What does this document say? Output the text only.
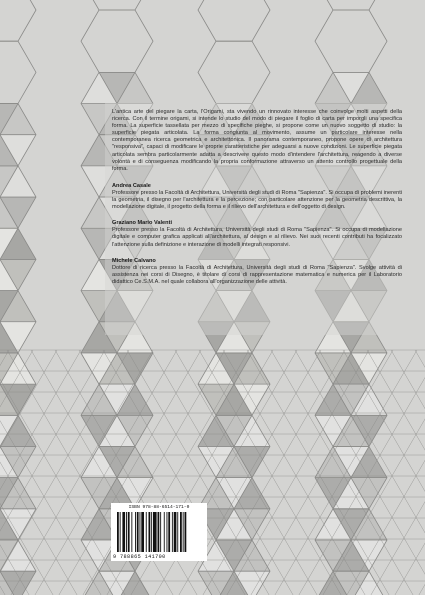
L'antica arte del piegare la carta, l'Origami, sta vivendo un rinnovato interesse che coinvolge molti aspetti della ricerca. Con il termine origami, si intende lo studio del modo di piegare il foglio di carta per imporgli una specifica forma. La superficie tassellata per mezzo di specifiche pieghe, si propone come un nuovo soggetto di studio: la superficie piegata articolata. La forma congiunta al movimento, assume un particolare interesse nella contemporanea ricerca geometrica e architettonica. Il panorama contemporaneo, propone opere di architettura "responsiva", capaci di modificare le proprie caratteristiche per adeguarsi a nuove condizioni. Le superficie piegata articolata sembra particolarmente adatta a descrivere questo modo d'intendere l'architettura, reagendo a diverse volontà e di conseguenza modificando la propria conformazione attraverso un attento controllo progettuale della forma.

Andrea Casale

Professore presso la Facoltà di Architettura, Università degli studi di Roma "Sapienza". Si occupa di problemi inerenti la geometria, il disegno per l'architettura e la percezione; con particolare attenzione per la geometria descrittiva, la modellazione digitale, il progetto della forma e il rilievo dell'architettura e dell'oggetto di design.

Graziano Mario Valenti

Professore presso la Facoltà di Architettura, Università degli studi di Roma "Sapienza". Si occupa di modellazione digitale e computer grafica applicati all'architettura, al design e al rilievo. Nei suoi recenti contributi ha focalizzato l'attenzione sulla definizione e interazione di modelli integrati responsivi.

Michele Calvano

Dottore di ricerca presso la Facoltà di Architettura, Università degli studi di Roma "Sapienza". Svolge attività di assistenza nei corsi di Disegno, è titolare di corsi di rappresentazione matematica e numerica per il Laboratorio didattico Ce.S.M.A. nel quale collabora all'organizzazione delle attività.

ISBN 978-88-6514-171-0
9 788865 141700
